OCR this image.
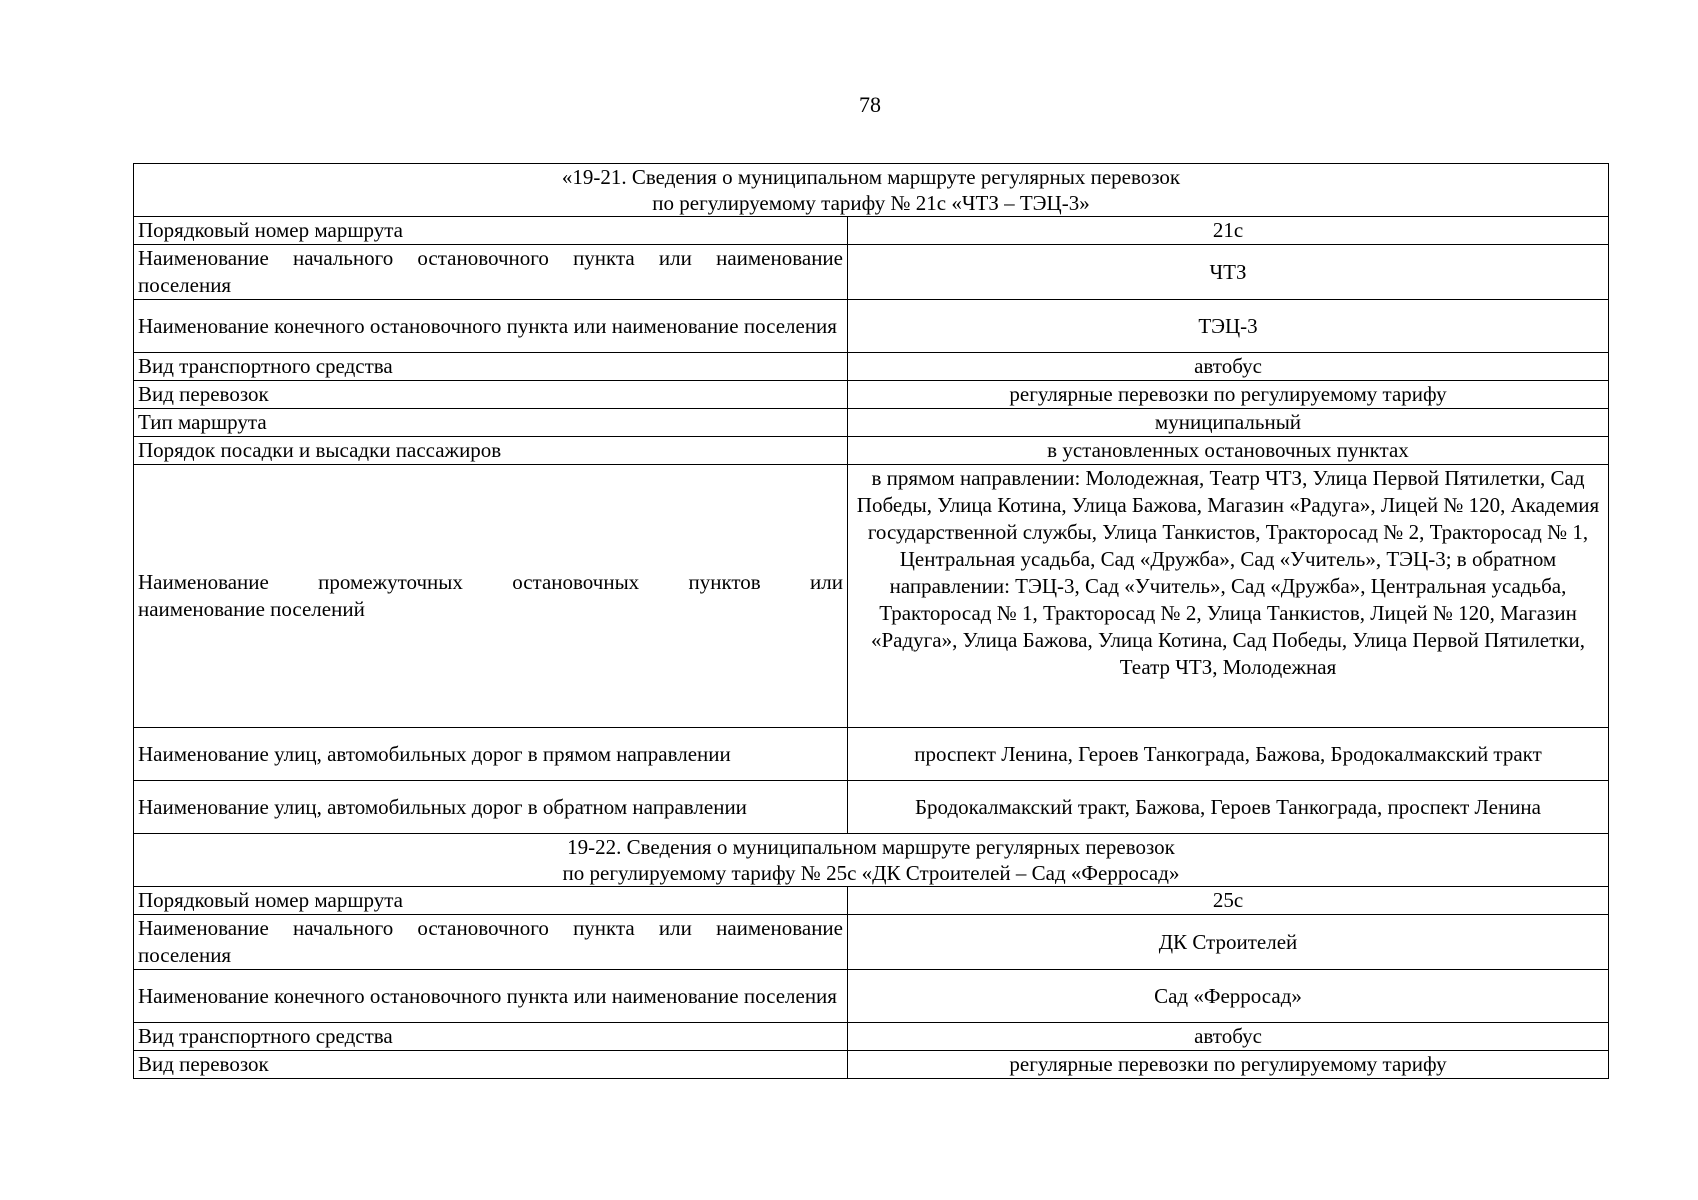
78
«19-21. Сведения о муниципальном маршруте регулярных перевозок
по регулируемому тарифу № 21с «ЧТЗ – ТЭЦ-3»	

Порядковый номер маршрута	21с
Наименование начального остановочного пункта или наименование поселения	ЧТЗ
Наименование конечного остановочного пункта или наименование поселения	ТЭЦ-3
Вид транспортного средства	автобус
Вид перевозок	регулярные перевозки по регулируемому тарифу
Тип маршрута	муниципальный
Порядок посадки и высадки пассажиров	в установленных остановочных пунктах

Наименование промежуточных остановочных пунктов или
наименование поселений	в прямом направлении: Молодежная, Театр ЧТЗ, Улица Первой Пятилетки, Сад Победы, Улица Котина, Улица Бажова, Магазин «Радуга», Лицей № 120, Академия государственной службы, Улица Танкистов, Тракторосад № 2, Тракторосад № 1, Центральная усадьба, Сад «Дружба», Сад «Учитель», ТЭЦ-3; в обратном направлении: ТЭЦ-3, Сад «Учитель», Сад «Дружба», Центральная усадьба, Тракторосад № 1, Тракторосад № 2, Улица Танкистов, Лицей № 120, Магазин «Радуга», Улица Бажова, Улица Котина, Сад Победы, Улица Первой Пятилетки, Театр ЧТЗ, Молодежная
Наименование улиц, автомобильных дорог в прямом направлении	проспект Ленина, Героев Танкограда, Бажова, Бродокалмакский тракт
Наименование улиц, автомобильных дорог в обратном направлении	Бродокалмакский тракт, Бажова, Героев Танкограда, проспект Ленина

19-22. Сведения о муниципальном маршруте регулярных перевозок
по регулируемому тарифу № 25с «ДК Строителей – Сад «Ферросад»	

Порядковый номер маршрута	25с
Наименование начального остановочного пункта или наименование поселения	ДК Строителей
Наименование конечного остановочного пункта или наименование поселения	Сад «Ферросад»
Вид транспортного средства	автобус
Вид перевозок	регулярные перевозки по регулируемому тарифу
